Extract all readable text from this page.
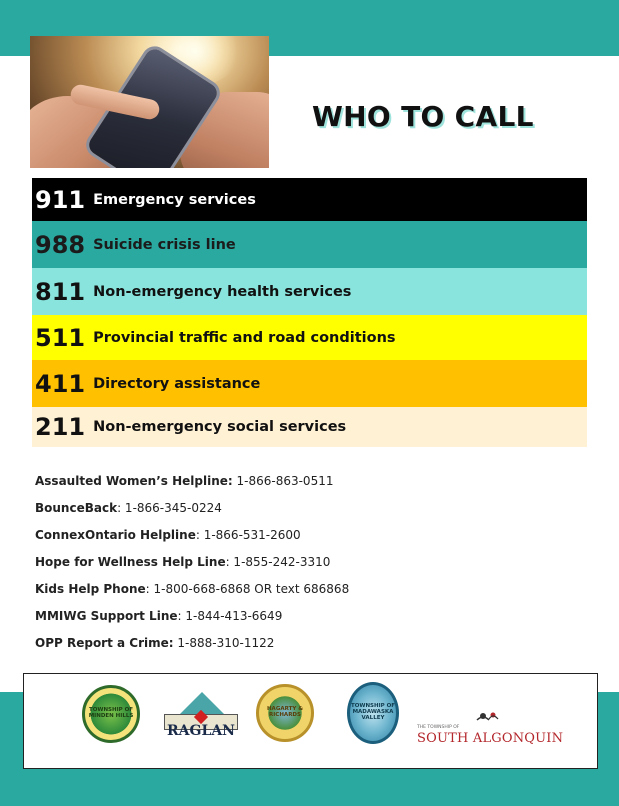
WHO TO CALL
911 Emergency services
988 Suicide crisis line
811 Non-emergency health services
511 Provincial traffic and road conditions
411 Directory assistance
211 Non-emergency social services
Assaulted Women’s Helpline: 1-866-863-0511
BounceBack: 1-866-345-0224
ConnexOntario Helpline: 1-866-531-2600
Hope for Wellness Help Line: 1-855-242-3310
Kids Help Phone: 1-800-668-6868 OR text 686868
MMIWG Support Line: 1-844-413-6649
OPP Report a Crime: 1-888-310-1122
TOWNSHIP OF MINDEN HILLS
RAGLAN
HAGARTY & RICHARDS
TOWNSHIP OF MADAWASKA VALLEY
THE TOWNSHIP OF
SOUTH ALGONQUIN
